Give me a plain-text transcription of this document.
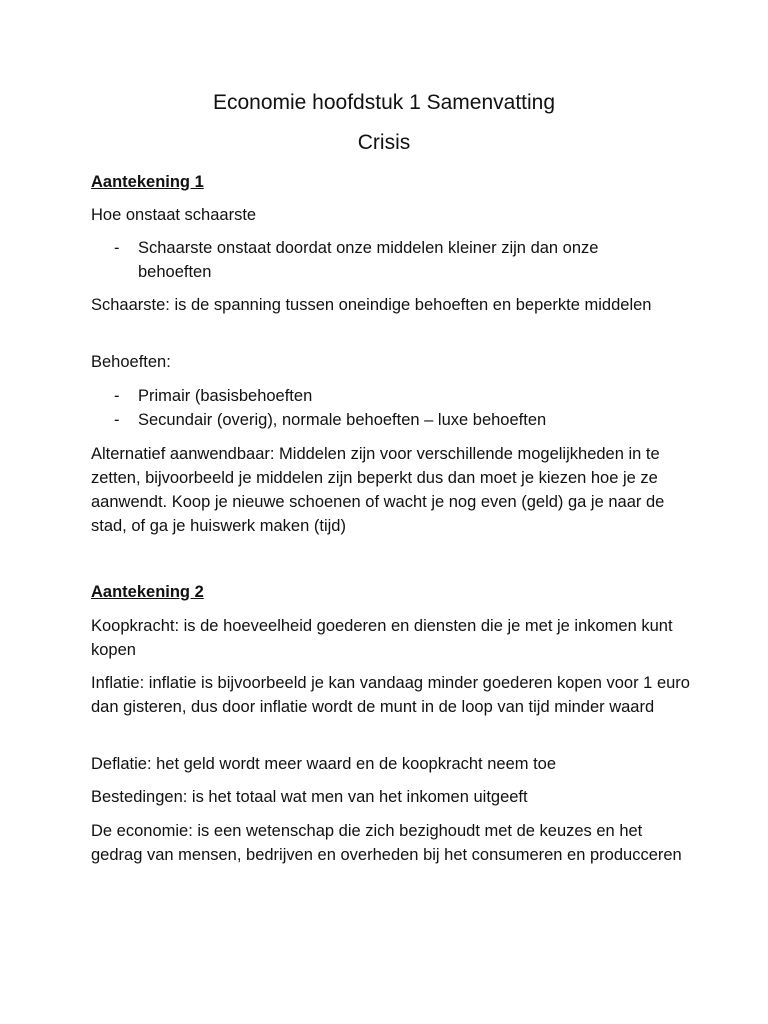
Economie hoofdstuk 1 Samenvatting
Crisis
Aantekening 1
Hoe onstaat schaarste
- Schaarste onstaat doordat onze middelen kleiner zijn dan onze behoeften
Schaarste: is de spanning tussen oneindige behoeften en beperkte middelen
Behoeften:
- Primair (basisbehoeften
- Secundair (overig), normale behoeften – luxe behoeften
Alternatief aanwendbaar: Middelen zijn voor verschillende mogelijkheden in te zetten, bijvoorbeeld je middelen zijn beperkt dus dan moet je kiezen hoe je ze aanwendt. Koop je nieuwe schoenen of wacht je nog even (geld) ga je naar de stad, of ga je huiswerk maken (tijd)
Aantekening 2
Koopkracht: is de hoeveelheid goederen en diensten die je met je inkomen kunt kopen
Inflatie: inflatie is bijvoorbeeld je kan vandaag minder goederen kopen voor 1 euro dan gisteren, dus door inflatie wordt de munt in de loop van tijd minder waard
Deflatie: het geld wordt meer waard en de koopkracht neem toe
Bestedingen: is het totaal wat men van het inkomen uitgeeft
De economie: is een wetenschap die zich bezighoudt met de keuzes en het gedrag van mensen, bedrijven en overheden bij het consumeren en producceren
